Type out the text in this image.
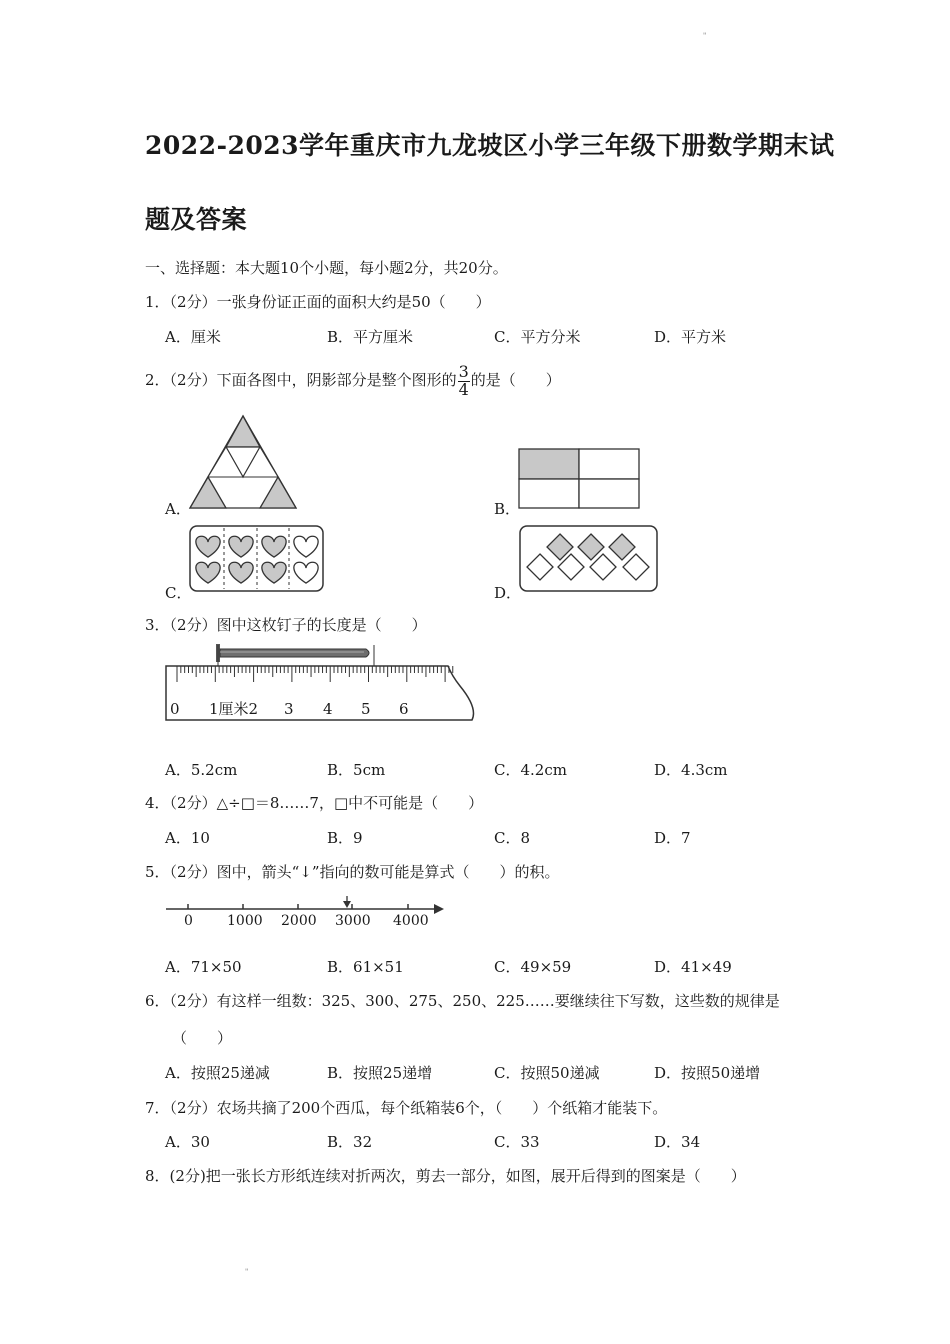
"
"
2022-2023学年重庆市九龙坡区小学三年级下册数学期末试
题及答案
一、选择题：本大题10个小题，每小题2分，共20分。
1．（2分）一张身份证正面的面积大约是50（　　）
A．厘米	B．平方厘米	C．平方分米	D．平方米
2．（2分）下面各图中，阴影部分是整个图形的 $\frac{3}{4}$ 的是（　　）
A．	B．
C．	D．
3．（2分）图中这枚钉子的长度是（　　）
0 1厘米2 3 4 5 6
A．5.2cm	B．5cm	C．4.2cm	D．4.3cm
4．（2分）△÷□＝8……7，□中不可能是（　　）
A．10	B．9	C．8	D．7
5．（2分）图中，箭头“↓”指向的数可能是算式（　　）的积。
0 1000 2000 3000 4000
A．71×50	B．61×51	C．49×59	D．41×49
6．（2分）有这样一组数：325、300、275、250、225……要继续往下写数，这些数的规律是
（　　）
A．按照25递减	B．按照25递增	C．按照50递减	D．按照50递增
7．（2分）农场共摘了200个西瓜，每个纸箱装6个，（　　）个纸箱才能装下。
A．30	B．32	C．33	D．34
8．(2分)把一张长方形纸连续对折两次，剪去一部分，如图，展开后得到的图案是（　　）
